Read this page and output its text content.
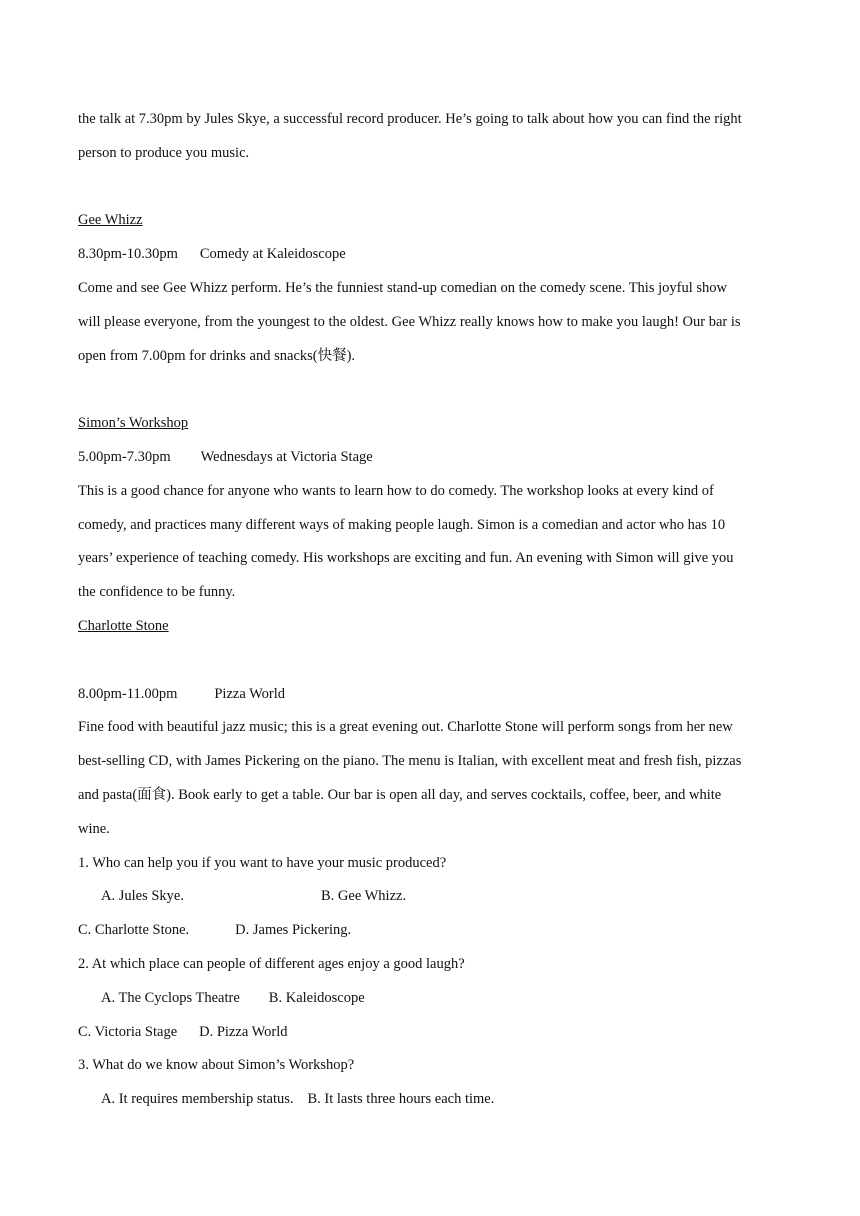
the talk at 7.30pm by Jules Skye, a successful record producer. He’s going to talk about how you can find the right
person to produce you music.
Gee Whizz
8.30pm-10.30pm Comedy at Kaleidoscope
Come and see Gee Whizz perform. He’s the funniest stand-up comedian on the comedy scene. This joyful show
will please everyone, from the youngest to the oldest. Gee Whizz really knows how to make you laugh! Our bar is
open from 7.00pm for drinks and snacks(快餐).
Simon’s Workshop
5.00pm-7.30pm Wednesdays at Victoria Stage
This is a good chance for anyone who wants to learn how to do comedy. The workshop looks at every kind of
comedy, and practices many different ways of making people laugh. Simon is a comedian and actor who has 10
years’ experience of teaching comedy. His workshops are exciting and fun. An evening with Simon will give you
the confidence to be funny.
Charlotte Stone
8.00pm-11.00pm	Pizza World
Fine food with beautiful jazz music; this is a great evening out. Charlotte Stone will perform songs from her new
best-selling CD, with James Pickering on the piano. The menu is Italian, with excellent meat and fresh fish, pizzas
and pasta(面食). Book early to get a table. Our bar is open all day, and serves cocktails, coffee, beer, and white
wine.
1. Who can help you if you want to have your music produced?
A. Jules Skye.	B. Gee Whizz.
C. Charlotte Stone.	D. James Pickering.
2. At which place can people of different ages enjoy a good laugh?
A. The Cyclops Theatre B. Kaleidoscope
C. Victoria Stage D. Pizza World
3. What do we know about Simon’s Workshop?
A. It requires membership status. B. It lasts three hours each time.
